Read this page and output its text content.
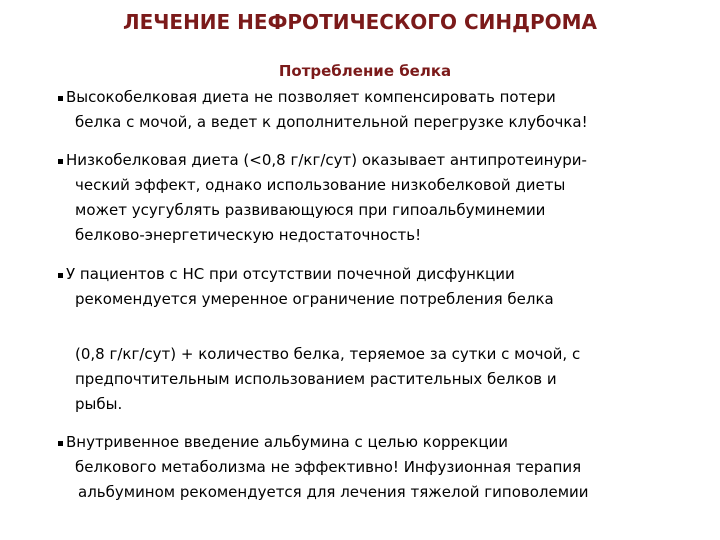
ЛЕЧЕНИЕ НЕФРОТИЧЕСКОГО СИНДРОМА
Потребление белка
Высокобелковая диета не позволяет компенсировать потери
белка с мочой, а ведет к дополнительной перегрузке клубочка!
Низкобелковая диета (<0,8 г/кг/сут) оказывает антипротеинури-
ческий эффект, однако использование низкобелковой диеты
может усугублять развивающуюся при гипоальбуминемии
белково-энергетическую недостаточность!
У пациентов с НС при отсутствии почечной дисфункции
рекомендуется умеренное ограничение потребления белка
(0,8 г/кг/сут) + количество белка, теряемое за сутки с мочой, с
предпочтительным использованием растительных белков и
рыбы.
Внутривенное введение альбумина с целью коррекции
белкового метаболизма не эффективно! Инфузионная терапия
альбумином рекомендуется для лечения тяжелой гиповолемии
